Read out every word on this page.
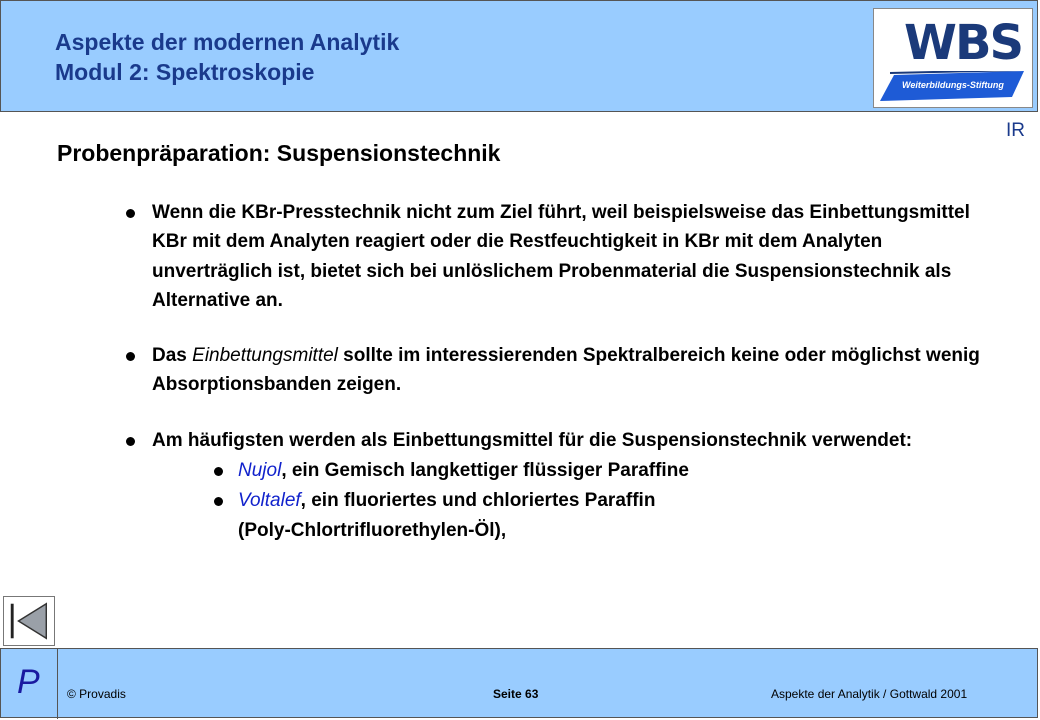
Aspekte der modernen Analytik
Modul 2: Spektroskopie
WBS
Weiterbildungs-Stiftung
IR
Probenpräparation: Suspensionstechnik
Wenn die KBr-Presstechnik nicht zum Ziel führt, weil beispielsweise das Einbettungsmittel KBr mit dem Analyten reagiert oder die Restfeuchtigkeit in KBr mit dem Analyten unverträglich ist, bietet sich bei unlöslichem Probenmaterial die Suspensionstechnik als Alternative an.
Das Einbettungsmittel sollte im interessierenden Spektralbereich keine oder möglichst wenig Absorptionsbanden zeigen.
Am häufigsten werden als Einbettungsmittel für die Suspensionstechnik verwendet:
Nujol, ein Gemisch langkettiger flüssiger Paraffine
Voltalef, ein fluoriertes und chloriertes Paraffin (Poly-Chlortrifluorethylen-Öl),
P © Provadis	Seite 63	Aspekte der Analytik / Gottwald 2001
